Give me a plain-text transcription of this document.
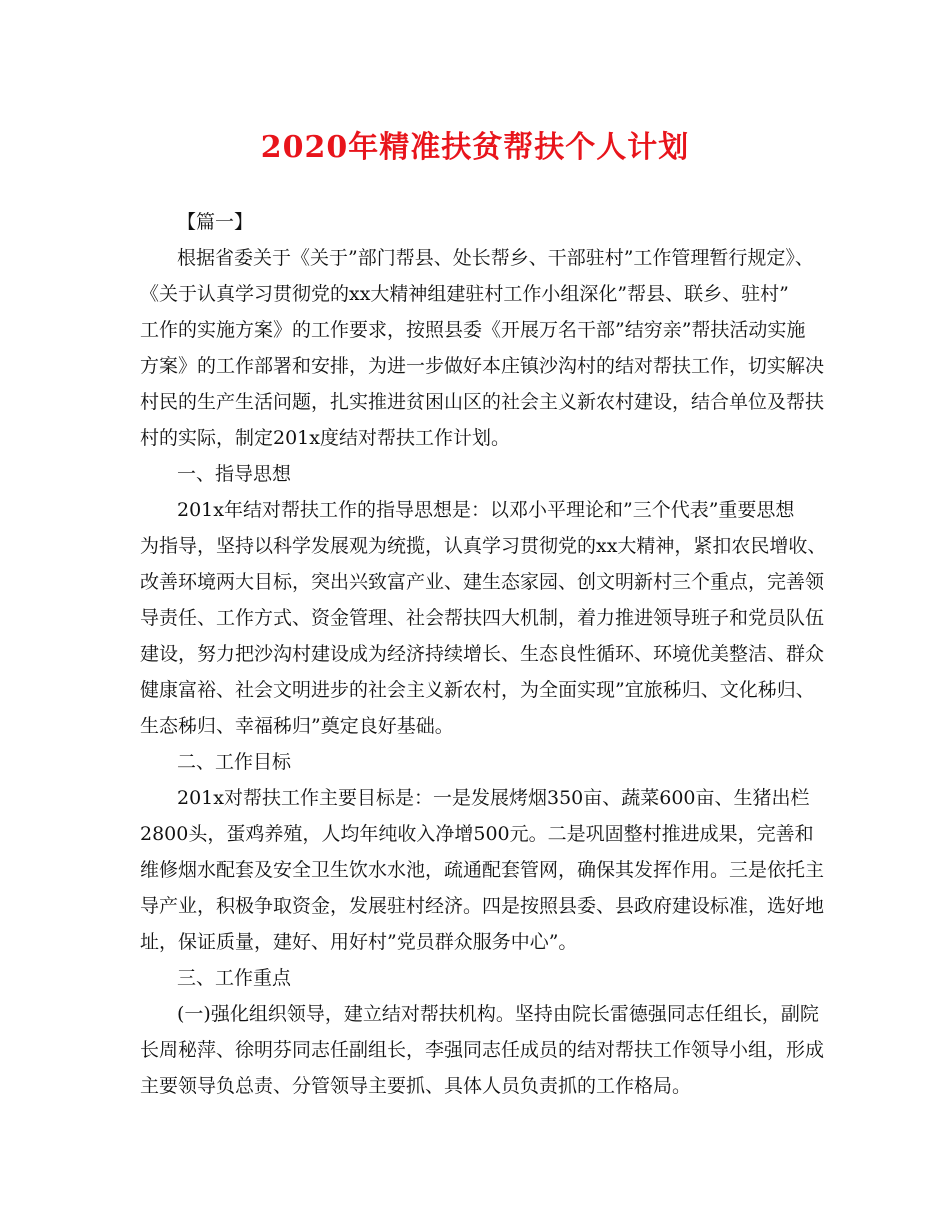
2020年精准扶贫帮扶个人计划
【篇一】
根据省委关于《关于”部门帮县、处长帮乡、干部驻村”工作管理暂行规定》、
《关于认真学习贯彻党的xx大精神组建驻村工作小组深化”帮县、联乡、驻村”
工作的实施方案》的工作要求，按照县委《开展万名干部”结穷亲”帮扶活动实施
方案》的工作部署和安排，为进一步做好本庄镇沙沟村的结对帮扶工作，切实解决
村民的生产生活问题，扎实推进贫困山区的社会主义新农村建设，结合单位及帮扶
村的实际，制定201x度结对帮扶工作计划。
一、指导思想
201x年结对帮扶工作的指导思想是：以邓小平理论和”三个代表”重要思想
为指导，坚持以科学发展观为统揽，认真学习贯彻党的xx大精神，紧扣农民增收、
改善环境两大目标，突出兴致富产业、建生态家园、创文明新村三个重点，完善领
导责任、工作方式、资金管理、社会帮扶四大机制，着力推进领导班子和党员队伍
建设，努力把沙沟村建设成为经济持续增长、生态良性循环、环境优美整洁、群众
健康富裕、社会文明进步的社会主义新农村，为全面实现”宜旅秭归、文化秭归、
生态秭归、幸福秭归”奠定良好基础。
二、工作目标
201x对帮扶工作主要目标是：一是发展烤烟350亩、蔬菜600亩、生猪出栏
2800头，蛋鸡养殖，人均年纯收入净增500元。二是巩固整村推进成果，完善和
维修烟水配套及安全卫生饮水水池，疏通配套管网，确保其发挥作用。三是依托主
导产业，积极争取资金，发展驻村经济。四是按照县委、县政府建设标准，选好地
址，保证质量，建好、用好村”党员群众服务中心”。
三、工作重点
(一)强化组织领导，建立结对帮扶机构。坚持由院长雷德强同志任组长，副院
长周秘萍、徐明芬同志任副组长，李强同志任成员的结对帮扶工作领导小组，形成
主要领导负总责、分管领导主要抓、具体人员负责抓的工作格局。
